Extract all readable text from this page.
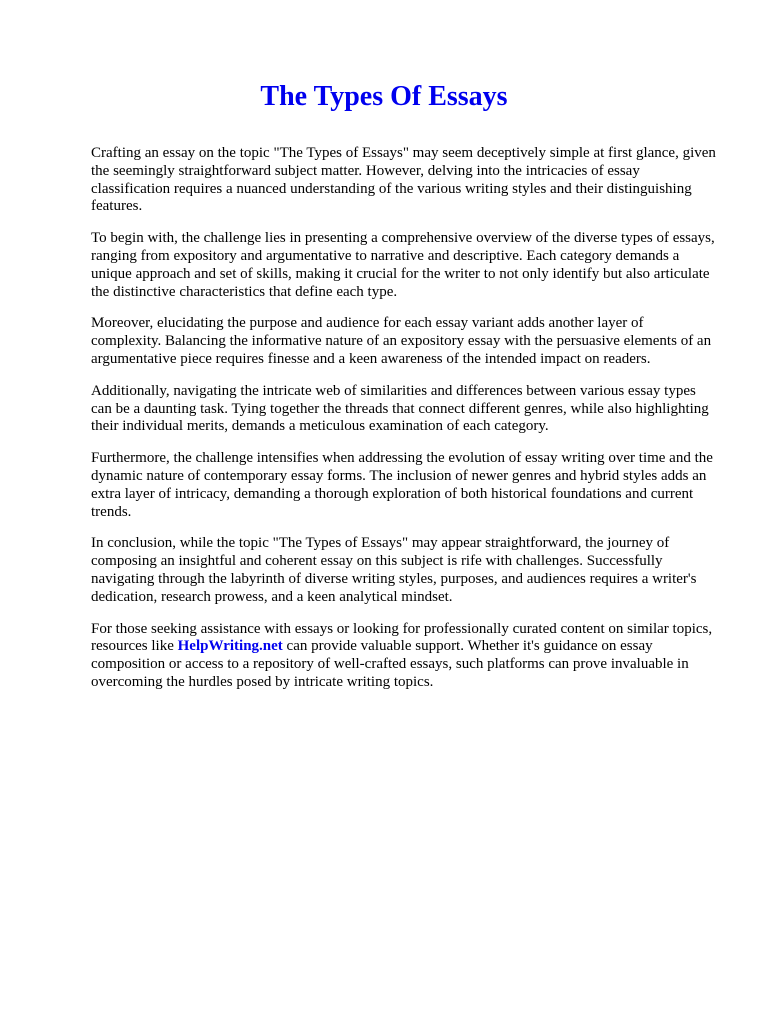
The Types Of Essays

Crafting an essay on the topic "The Types of Essays" may seem deceptively simple at first glance, given the seemingly straightforward subject matter. However, delving into the intricacies of essay classification requires a nuanced understanding of the various writing styles and their distinguishing features.

To begin with, the challenge lies in presenting a comprehensive overview of the diverse types of essays, ranging from expository and argumentative to narrative and descriptive. Each category demands a unique approach and set of skills, making it crucial for the writer to not only identify but also articulate the distinctive characteristics that define each type.

Moreover, elucidating the purpose and audience for each essay variant adds another layer of complexity. Balancing the informative nature of an expository essay with the persuasive elements of an argumentative piece requires finesse and a keen awareness of the intended impact on readers.

Additionally, navigating the intricate web of similarities and differences between various essay types can be a daunting task. Tying together the threads that connect different genres, while also highlighting their individual merits, demands a meticulous examination of each category.

Furthermore, the challenge intensifies when addressing the evolution of essay writing over time and the dynamic nature of contemporary essay forms. The inclusion of newer genres and hybrid styles adds an extra layer of intricacy, demanding a thorough exploration of both historical foundations and current trends.

In conclusion, while the topic "The Types of Essays" may appear straightforward, the journey of composing an insightful and coherent essay on this subject is rife with challenges. Successfully navigating through the labyrinth of diverse writing styles, purposes, and audiences requires a writer's dedication, research prowess, and a keen analytical mindset.

For those seeking assistance with essays or looking for professionally curated content on similar topics, resources like HelpWriting.net can provide valuable support. Whether it's guidance on essay composition or access to a repository of well-crafted essays, such platforms can prove invaluable in overcoming the hurdles posed by intricate writing topics.
